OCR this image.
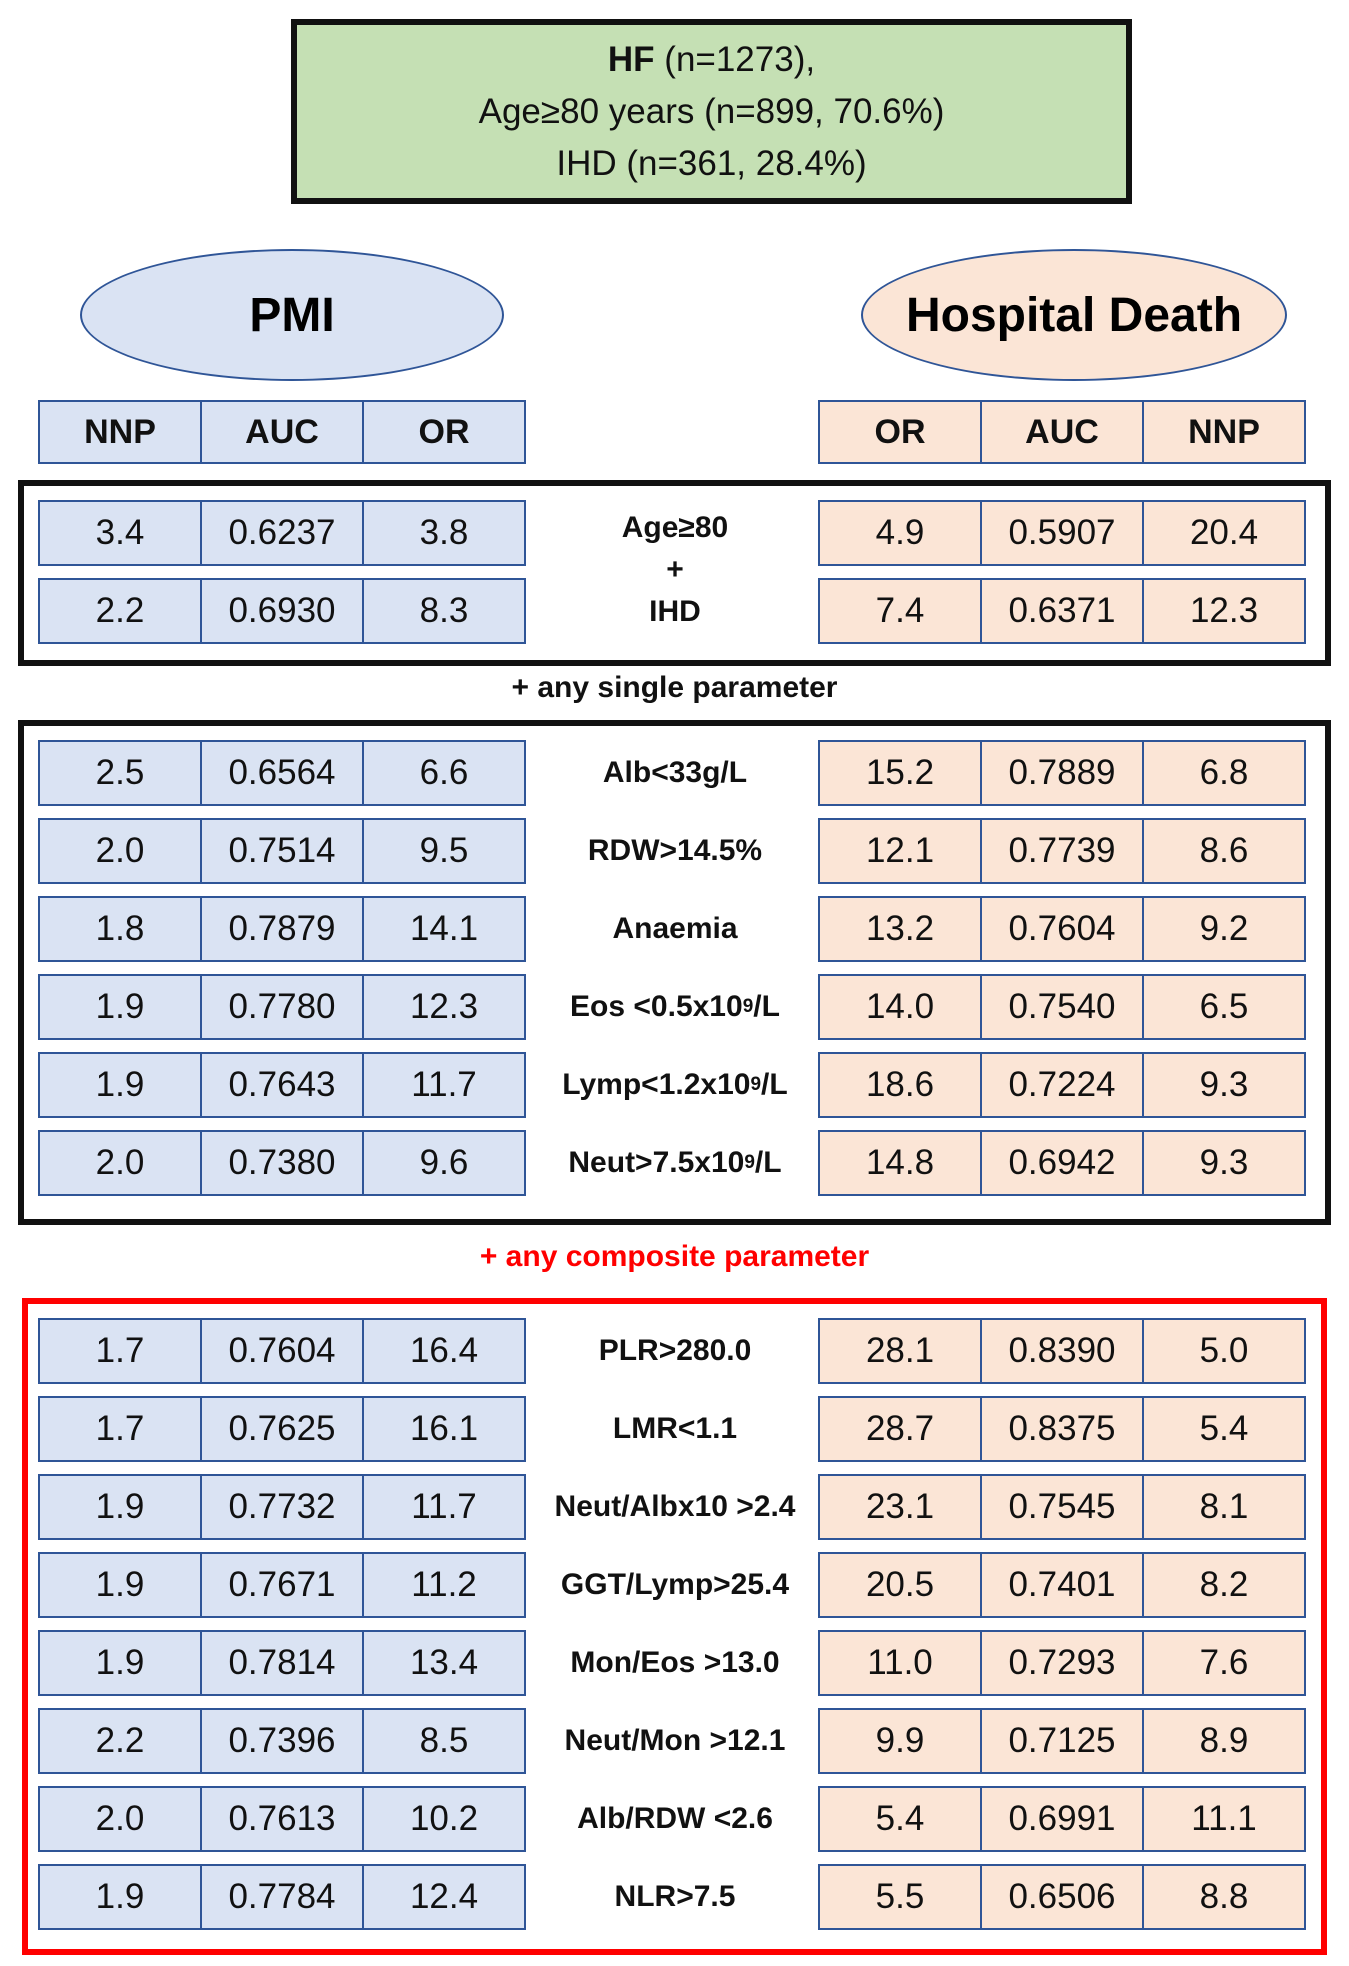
HF (n=1273),
Age≥80 years (n=899, 70.6%)
IHD (n=361, 28.4%)
PMI	Hospital Death
NNP	AUC	OR	OR	AUC	NNP
3.4	0.6237	3.8	4.9	0.5907	20.4
2.2	0.6930	8.3	7.4	0.6371	12.3
Age≥80
+
IHD
+ any single parameter
2.5	0.6564	6.6	Alb<33g/L	15.2	0.7889	6.8
2.0	0.7514	9.5	RDW>14.5%	12.1	0.7739	8.6
1.8	0.7879	14.1	Anaemia	13.2	0.7604	9.2
1.9	0.7780	12.3	Eos <0.5x10 9 /L	14.0	0.7540	6.5
1.9	0.7643	11.7	Lymp<1.2x10 9 /L	18.6	0.7224	9.3
2.0	0.7380	9.6	Neut>7.5x10 9 /L	14.8	0.6942	9.3
+ any composite parameter
1.7	0.7604	16.4	PLR>280.0	28.1	0.8390	5.0
1.7	0.7625	16.1	LMR<1.1	28.7	0.8375	5.4
1.9	0.7732	11.7	Neut/Albx10 >2.4	23.1	0.7545	8.1
1.9	0.7671	11.2	GGT/Lymp>25.4	20.5	0.7401	8.2
1.9	0.7814	13.4	Mon/Eos >13.0	11.0	0.7293	7.6
2.2	0.7396	8.5	Neut/Mon >12.1	9.9	0.7125	8.9
2.0	0.7613	10.2	Alb/RDW <2.6	5.4	0.6991	11.1
1.9	0.7784	12.4	NLR>7.5	5.5	0.6506	8.8
